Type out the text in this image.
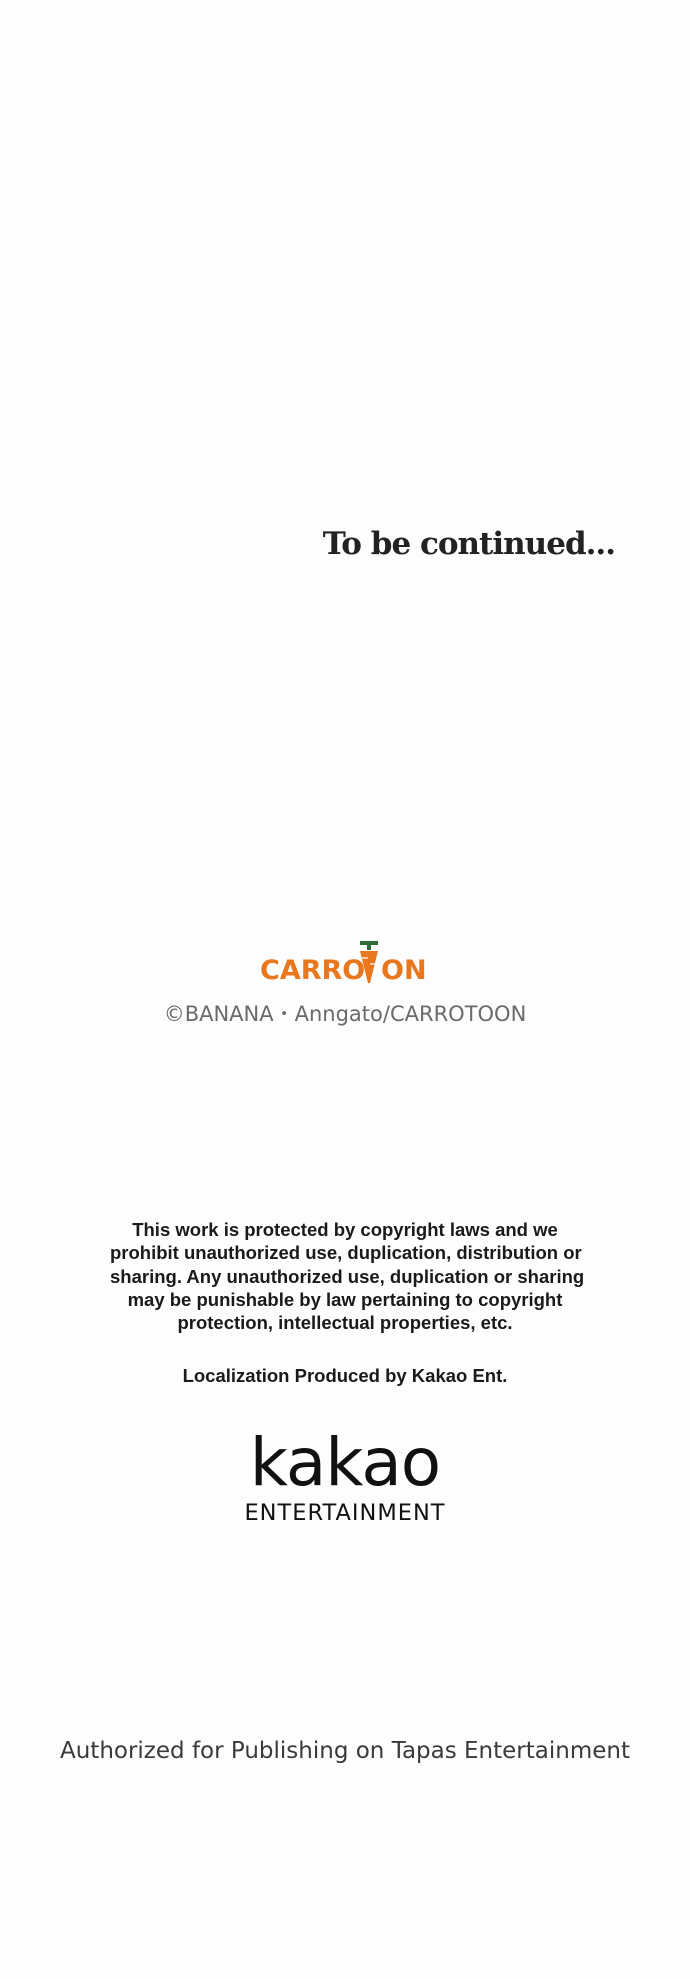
To be continued...
CARRO ON
©BANANA・Anngato/CARROTOON
This work is protected by copyright laws and we
prohibit unauthorized use, duplication, distribution or
sharing. Any unauthorized use, duplication or sharing
may be punishable by law pertaining to copyright
protection, intellectual properties, etc.
Localization Produced by Kakao Ent.
kakao
ENTERTAINMENT
Authorized for Publishing on Tapas Entertainment
